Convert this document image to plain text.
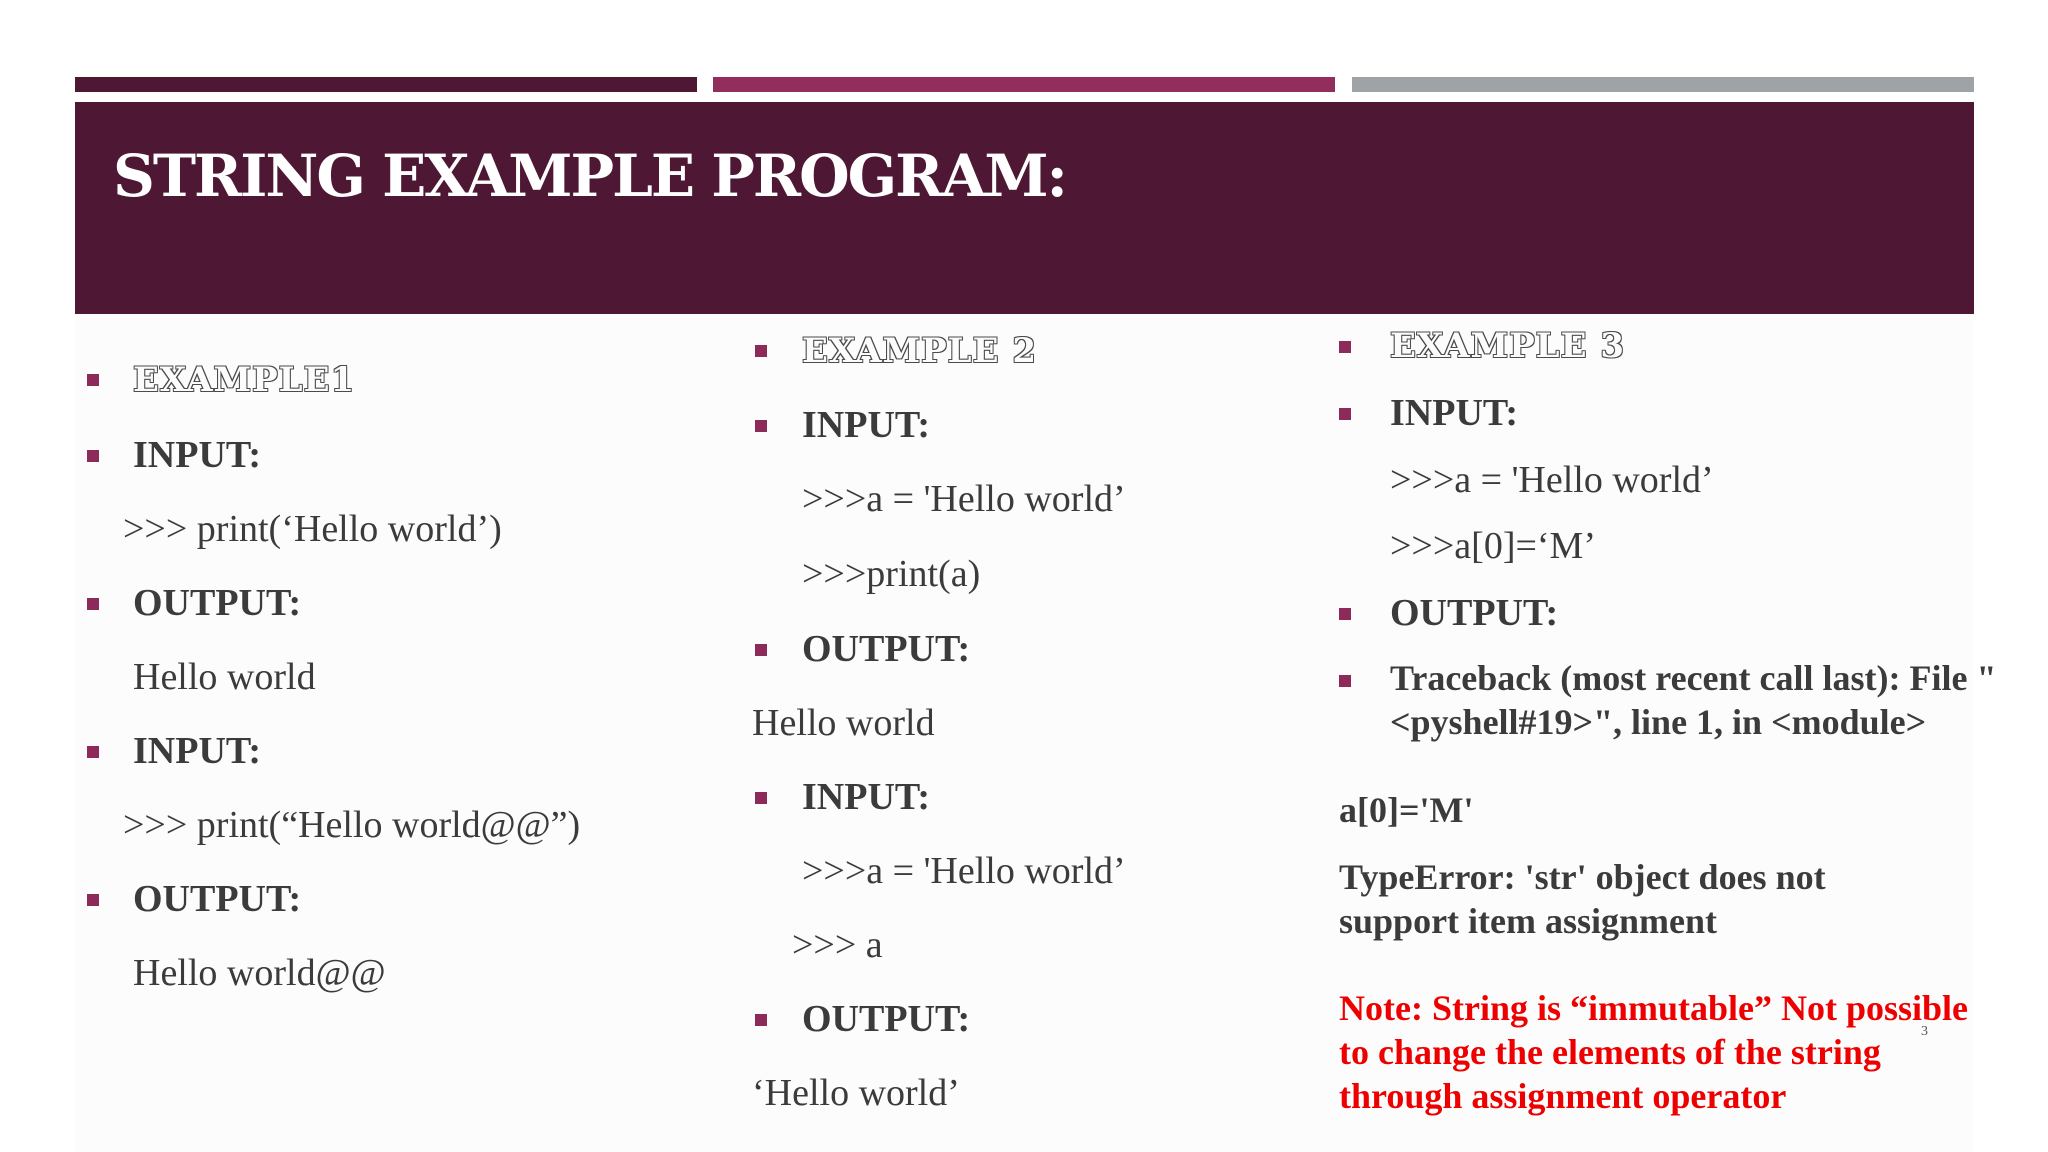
STRING EXAMPLE PROGRAM:
EXAMPLE1
INPUT:
>>> print(‘Hello world’)
OUTPUT:
Hello world
INPUT:
>>> print(“Hello world@@”)
OUTPUT:
Hello world@@
EXAMPLE 2
INPUT:
>>>a = 'Hello world’
>>>print(a)
OUTPUT:
Hello world
INPUT:
>>>a = 'Hello world’
>>> a
OUTPUT:
‘Hello world’
EXAMPLE 3
INPUT:
>>>a = 'Hello world’
>>>a[0]=‘M’
OUTPUT:
Traceback (most recent call last): File "<pyshell#19>", line 1, in <module>
a[0]='M'
TypeError: 'str' object does not support item assignment
Note: String is “immutable” Not possible to change the elements of the string through assignment operator
3
